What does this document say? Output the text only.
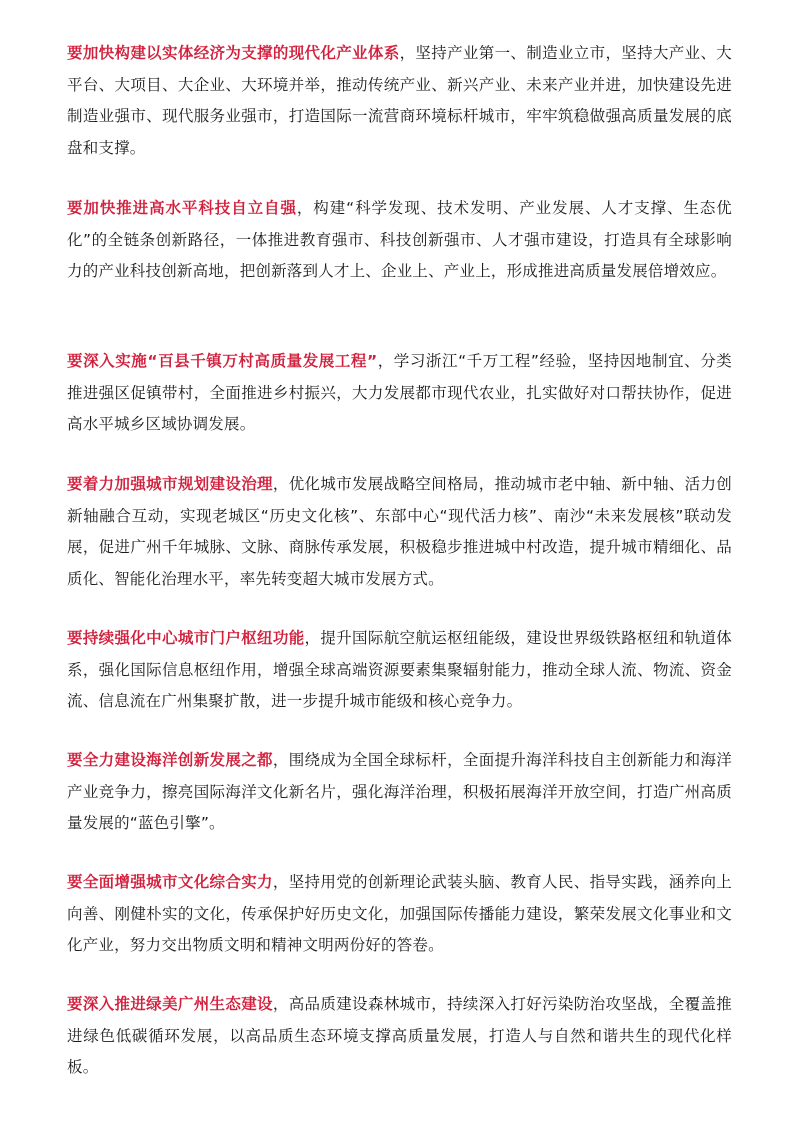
要加快构建以实体经济为支撑的现代化产业体系，坚持产业第一、制造业立市，坚持大产业、大平台、大项目、大企业、大环境并举，推动传统产业、新兴产业、未来产业并进，加快建设先进制造业强市、现代服务业强市，打造国际一流营商环境标杆城市，牢牢筑稳做强高质量发展的底盘和支撑。

要加快推进高水平科技自立自强，构建“科学发现、技术发明、产业发展、人才支撑、生态优化”的全链条创新路径，一体推进教育强市、科技创新强市、人才强市建设，打造具有全球影响力的产业科技创新高地，把创新落到人才上、企业上、产业上，形成推进高质量发展倍增效应。

要深入实施“百县千镇万村高质量发展工程”，学习浙江“千万工程”经验，坚持因地制宜、分类推进强区促镇带村，全面推进乡村振兴，大力发展都市现代农业，扎实做好对口帮扶协作，促进高水平城乡区域协调发展。

要着力加强城市规划建设治理，优化城市发展战略空间格局，推动城市老中轴、新中轴、活力创新轴融合互动，实现老城区“历史文化核”、东部中心“现代活力核”、南沙“未来发展核”联动发展，促进广州千年城脉、文脉、商脉传承发展，积极稳步推进城中村改造，提升城市精细化、品质化、智能化治理水平，率先转变超大城市发展方式。

要持续强化中心城市门户枢纽功能，提升国际航空航运枢纽能级，建设世界级铁路枢纽和轨道体系，强化国际信息枢纽作用，增强全球高端资源要素集聚辐射能力，推动全球人流、物流、资金流、信息流在广州集聚扩散，进一步提升城市能级和核心竞争力。

要全力建设海洋创新发展之都，围绕成为全国全球标杆，全面提升海洋科技自主创新能力和海洋产业竞争力，擦亮国际海洋文化新名片，强化海洋治理，积极拓展海洋开放空间，打造广州高质量发展的“蓝色引擎”。

要全面增强城市文化综合实力，坚持用党的创新理论武装头脑、教育人民、指导实践，涵养向上向善、刚健朴实的文化，传承保护好历史文化，加强国际传播能力建设，繁荣发展文化事业和文化产业，努力交出物质文明和精神文明两份好的答卷。

要深入推进绿美广州生态建设，高品质建设森林城市，持续深入打好污染防治攻坚战，全覆盖推进绿色低碳循环发展，以高品质生态环境支撑高质量发展，打造人与自然和谐共生的现代化样板。
